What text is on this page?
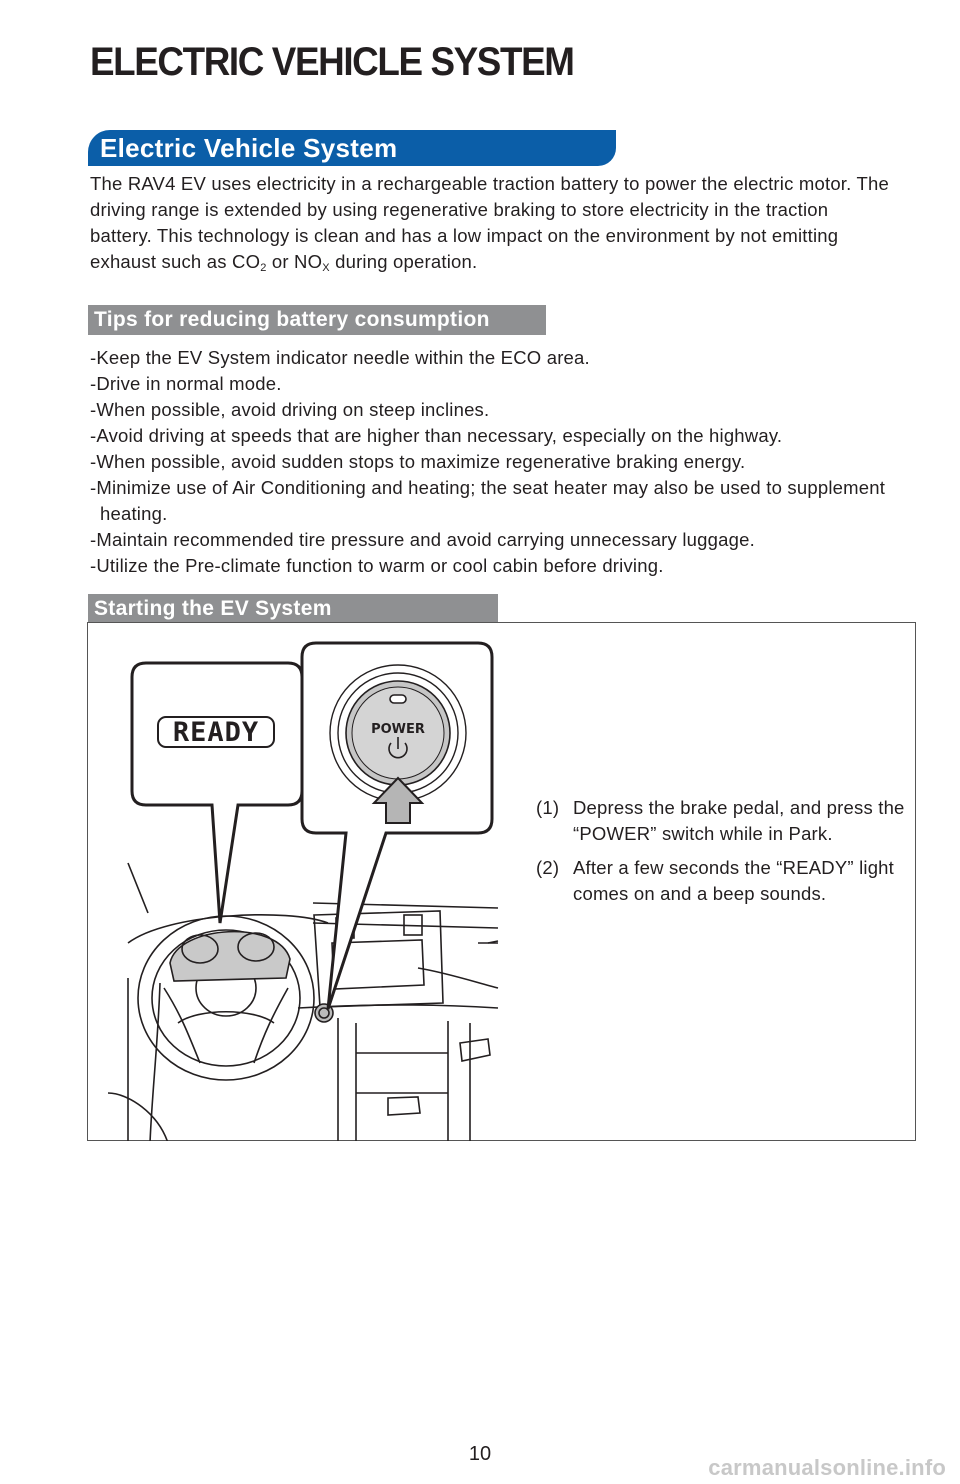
ELECTRIC VEHICLE SYSTEM
Electric Vehicle System

The RAV4 EV uses electricity in a rechargeable traction battery to power the electric motor. The driving range is extended by using regenerative braking to store electricity in the traction battery. This technology is clean and has a low impact on the environment by not emitting exhaust such as $CO_2$ or $NO_X$ during operation.

Tips for reducing battery consumption
- Keep the EV System indicator needle within the ECO area.
- Drive in normal mode.
- When possible, avoid driving on steep inclines.
- Avoid driving at speeds that are higher than necessary, especially on the highway.
- When possible, avoid sudden stops to maximize regenerative braking energy.
- Minimize use of Air Conditioning and heating; the seat heater may also be used to supplement heating.
- Maintain recommended tire pressure and avoid carrying unnecessary luggage.
- Utilize the Pre-climate function to warm or cool cabin before driving.
Starting the EV System
READY	POWER
(1) Depress the brake pedal, and press the “POWER” switch while in Park.
(2) After a few seconds the “READY” light comes on and a beep sounds.

10

carmanualsonline.info
